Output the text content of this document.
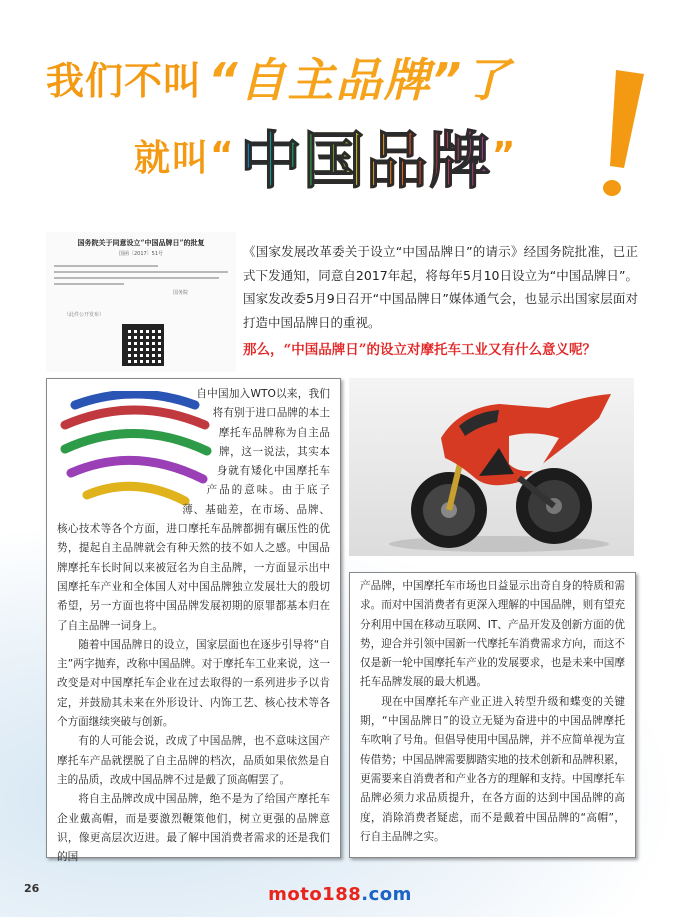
我们不叫 “自主品牌”了
就叫 “ 中国品牌 ”
国务院关于同意设立“中国品牌日”的批复
国函〔2017〕51号
国务院
（此件公开发布）
《国家发展改革委关于设立“中国品牌日”的请示》经国务院批准，已正式下发通知，同意自2017年起，将每年5月10日设立为“中国品牌日”。国家发改委5月9日召开“中国品牌日”媒体通气会，也显示出国家层面对打造中国品牌日的重视。
那么，“中国品牌日”的设立对摩托车工业又有什么意义呢？

自中国加入WTO以来，我们将有别于进口品牌的本土摩托车品牌称为自主品牌，这一说法，其实本身就有矮化中国摩托车产品的意味。由于底子薄、基础差，在市场、品牌、核心技术等各个方面，进口摩托车品牌都拥有碾压性的优势，提起自主品牌就会有种天然的技不如人之感。中国品牌摩托车长时间以来被冠名为自主品牌，一方面显示出中国摩托车产业和全体国人对中国品牌独立发展壮大的殷切希望，另一方面也将中国品牌发展初期的原罪都基本归在了自主品牌一词身上。

随着中国品牌日的设立，国家层面也在逐步引导将“自主”两字抛弃，改称中国品牌。对于摩托车工业来说，这一改变是对中国摩托车企业在过去取得的一系列进步予以肯定，并鼓励其未来在外形设计、内饰工艺、核心技术等各个方面继续突破与创新。

有的人可能会说，改成了中国品牌，也不意味这国产摩托车产品就摆脱了自主品牌的档次，品质如果依然是自主的品质，改成中国品牌不过是戴了顶高帽罢了。

将自主品牌改成中国品牌，绝不是为了给国产摩托车企业戴高帽，而是要激烈鞭策他们，树立更强的品牌意识，像更高层次迈进。最了解中国消费者需求的还是我们的国

产品牌，中国摩托车市场也日益显示出奇自身的特质和需求。而对中国消费者有更深入理解的中国品牌，则有望充分利用中国在移动互联网、IT、产品开发及创新方面的优势，迎合并引领中国新一代摩托车消费需求方向，而这不仅是新一轮中国摩托车产业的发展要求，也是未来中国摩托车品牌发展的最大机遇。

现在中国摩托车产业正进入转型升级和蝶变的关键期，“中国品牌日”的设立无疑为奋进中的中国品牌摩托车吹响了号角。但倡导使用中国品牌，并不应简单视为宣传借势；中国品牌需要脚踏实地的技术创新和品牌积累，更需要来自消费者和产业各方的理解和支持。中国摩托车品牌必须力求品质提升，在各方面的达到中国品牌的高度，消除消费者疑虑，而不是戴着中国品牌的“高帽”，行自主品牌之实。

26	moto188.com
